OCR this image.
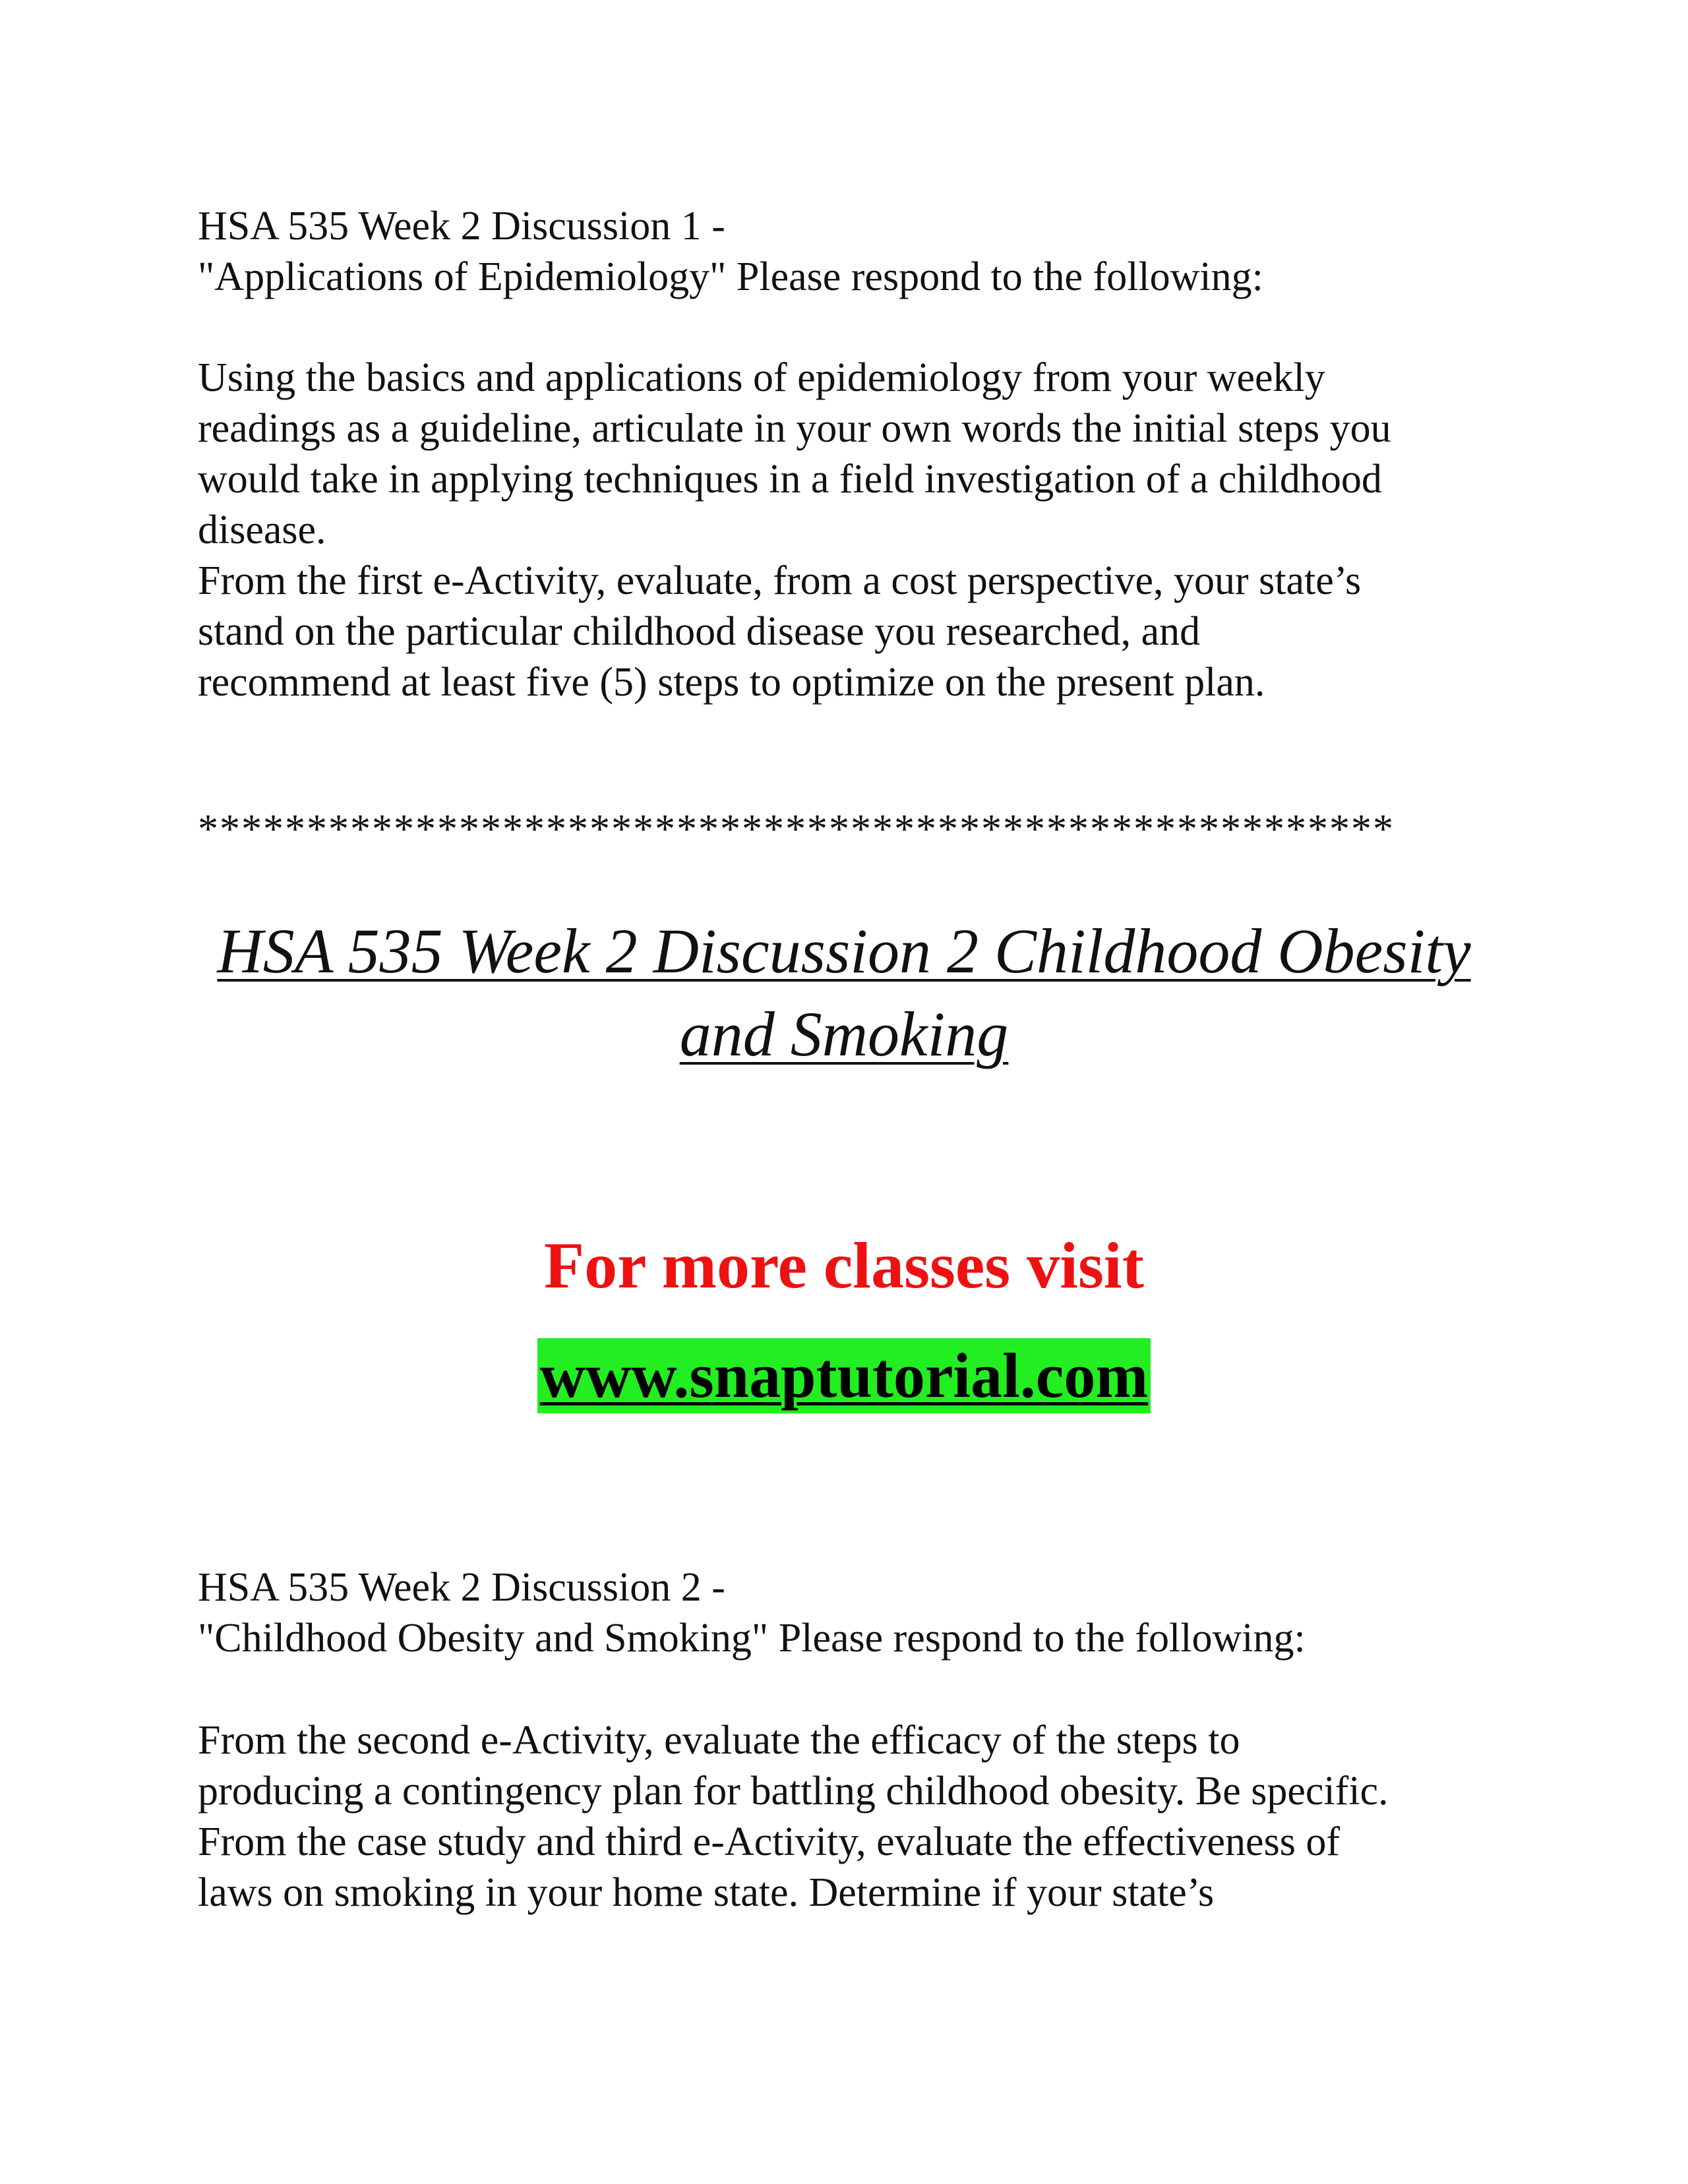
HSA 535 Week 2 Discussion 1 -
"Applications of Epidemiology" Please respond to the following:
Using the basics and applications of epidemiology from your weekly
readings as a guideline, articulate in your own words the initial steps you
would take in applying techniques in a field investigation of a childhood
disease.
From the first e-Activity, evaluate, from a cost perspective, your state’s
stand on the particular childhood disease you researched, and
recommend at least five (5) steps to optimize on the present plan.
*******************************************************
HSA 535 Week 2 Discussion 2 Childhood Obesity
and Smoking
For more classes visit
www.snaptutorial.com
HSA 535 Week 2 Discussion 2 -
"Childhood Obesity and Smoking" Please respond to the following:
From the second e-Activity, evaluate the efficacy of the steps to
producing a contingency plan for battling childhood obesity. Be specific.
From the case study and third e-Activity, evaluate the effectiveness of
laws on smoking in your home state. Determine if your state’s
